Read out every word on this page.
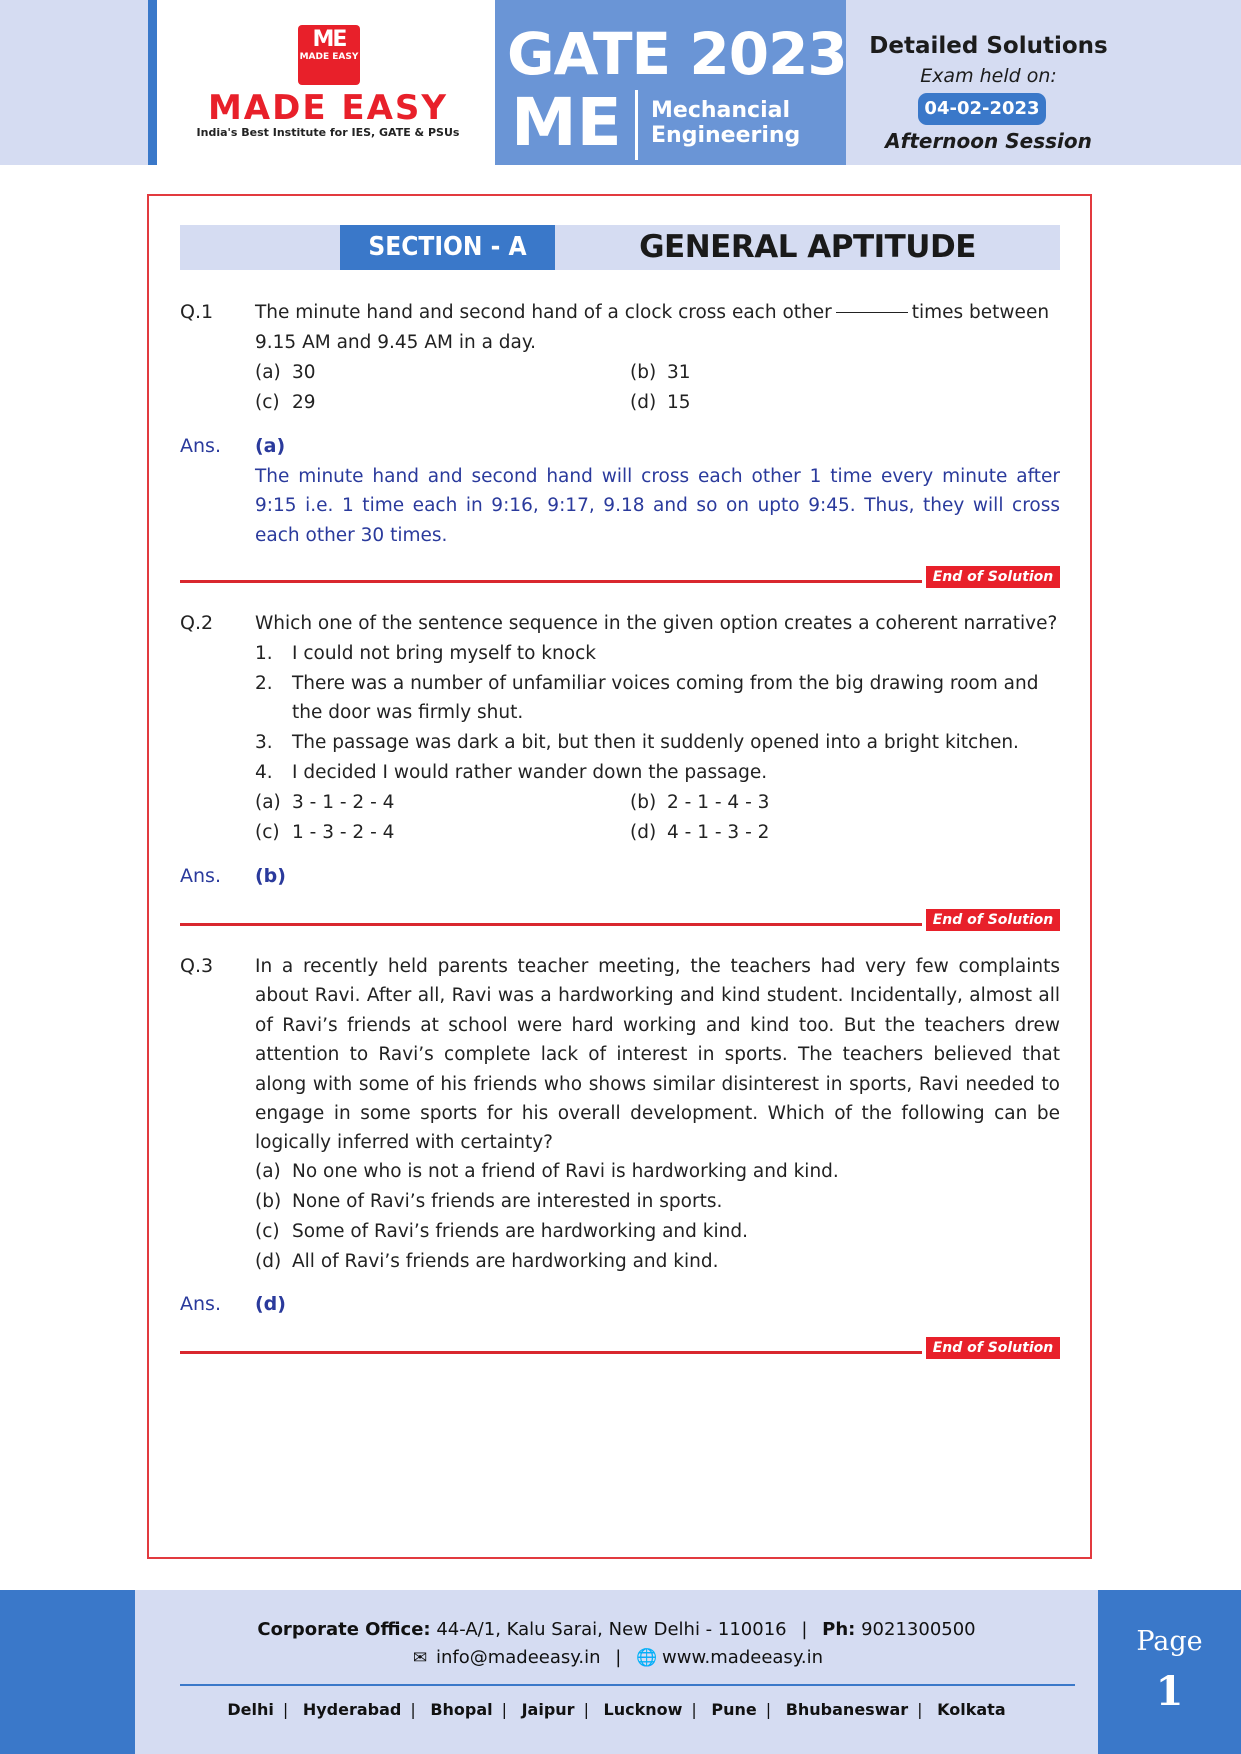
ME
MADE EASY
MADE EASY
India's Best Institute for IES, GATE & PSUs
GATE 2023
ME Mechancial
Engineering
Detailed Solutions
Exam held on:
04-02-2023
Afternoon Session
SECTION - A	GENERAL APTITUDE
Q.1 The minute hand and second hand of a clock cross each other	times between
9.15 AM and 9.45 AM in a day.
(a) 30	(b) 31
(c) 29	(d) 15
Ans. (a)
The minute hand and second hand will cross each other 1 time every minute after 9:15 i.e. 1 time each in 9:16, 9:17, 9.18 and so on upto 9:45. Thus, they will cross each other 30 times.
End of Solution
Q.2 Which one of the sentence sequence in the given option creates a coherent narrative?
1. I could not bring myself to knock
2. There was a number of unfamiliar voices coming from the big drawing room and
the door was firmly shut.
3. The passage was dark a bit, but then it suddenly opened into a bright kitchen.
4. I decided I would rather wander down the passage.
(a) 3 - 1 - 2 - 4	(b) 2 - 1 - 4 - 3
(c) 1 - 3 - 2 - 4	(d) 4 - 1 - 3 - 2
Ans. (b)
End of Solution
Q.3 In a recently held parents teacher meeting, the teachers had very few complaints about Ravi. After all, Ravi was a hardworking and kind student. Incidentally, almost all of Ravi’s friends at school were hard working and kind too. But the teachers drew attention to Ravi’s complete lack of interest in sports. The teachers believed that along with some of his friends who shows similar disinterest in sports, Ravi needed to engage in some sports for his overall development. Which of the following can be logically inferred with certainty?
(a) No one who is not a friend of Ravi is hardworking and kind.
(b) None of Ravi’s friends are interested in sports.
(c) Some of Ravi’s friends are hardworking and kind.
(d) All of Ravi’s friends are hardworking and kind.
Ans. (d)
End of Solution
Page
1
Corporate Office: 44-A/1, Kalu Sarai, New Delhi - 110016 | Ph: 9021300500
✉ info@madeeasy.in | 🌐 www.madeeasy.in
Delhi | Hyderabad | Bhopal | Jaipur | Lucknow | Pune | Bhubaneswar | Kolkata
